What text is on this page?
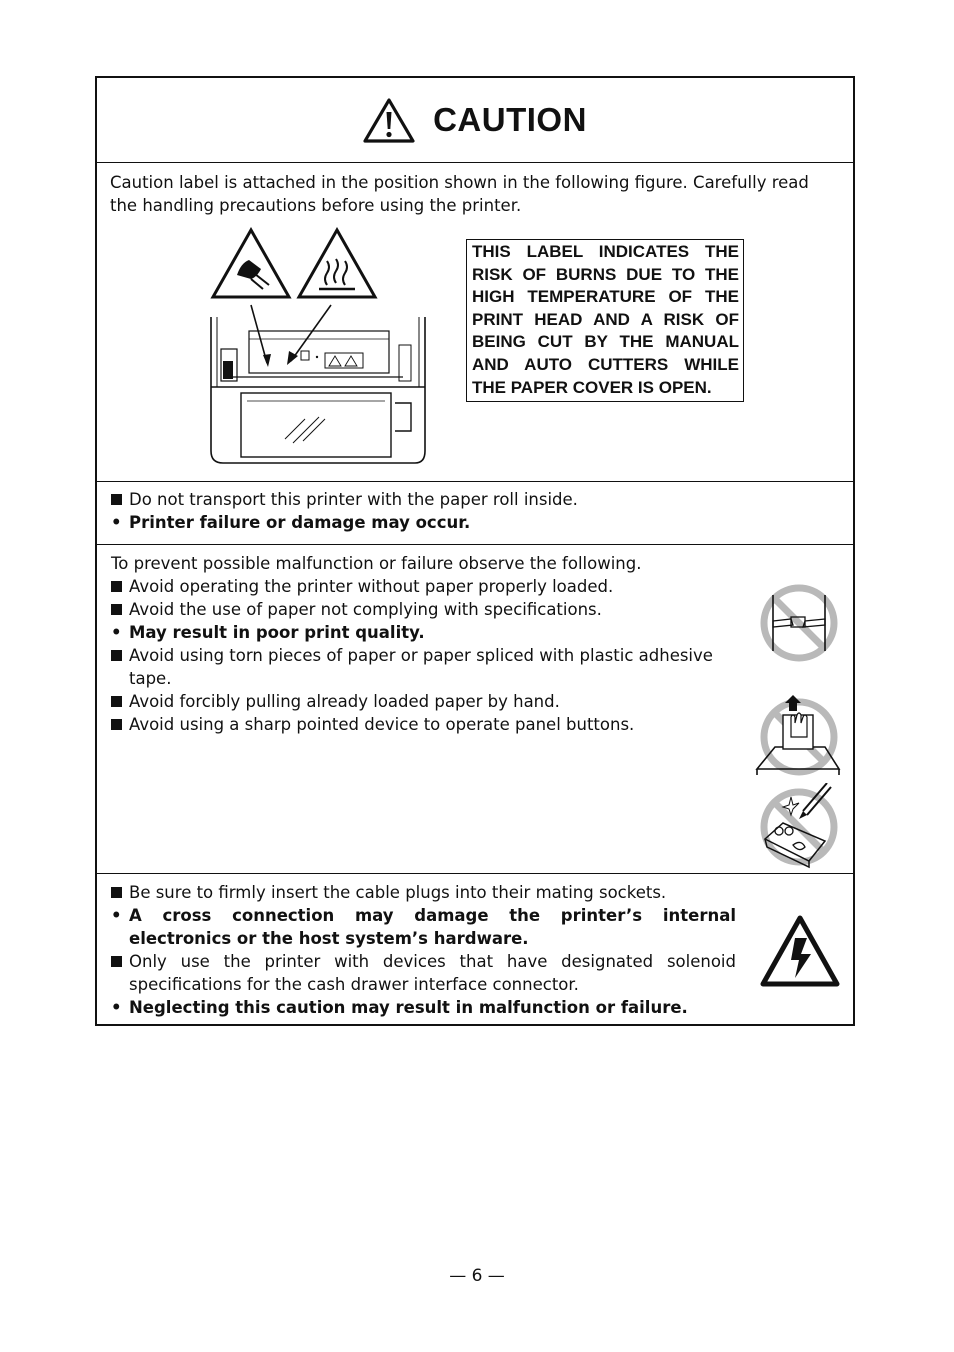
CAUTION
Caution label is attached in the position shown in the following figure. Carefully read the handling precautions before using the printer.
THIS LABEL INDICATES THE
RISK OF BURNS DUE TO THE
HIGH TEMPERATURE OF THE
PRINT HEAD AND A RISK OF
BEING CUT BY THE MANUAL
AND AUTO CUTTERS WHILE
THE PAPER COVER IS OPEN.
Do not transport this printer with the paper roll inside.
• Printer failure or damage may occur.
To prevent possible malfunction or failure observe the following.
Avoid operating the printer without paper properly loaded.
Avoid the use of paper not complying with specifications.
• May result in poor print quality.
Avoid using torn pieces of paper or paper spliced with plastic adhesive tape.
Avoid forcibly pulling already loaded paper by hand.
Avoid using a sharp pointed device to operate panel buttons.
Be sure to firmly insert the cable plugs into their mating sockets.
• A cross connection may damage the printer’s internal electronics or the host system’s hardware.
Only use the printer with devices that have designated solenoid specifications for the cash drawer interface connector.
• Neglecting this caution may result in malfunction or failure.
— 6 —
